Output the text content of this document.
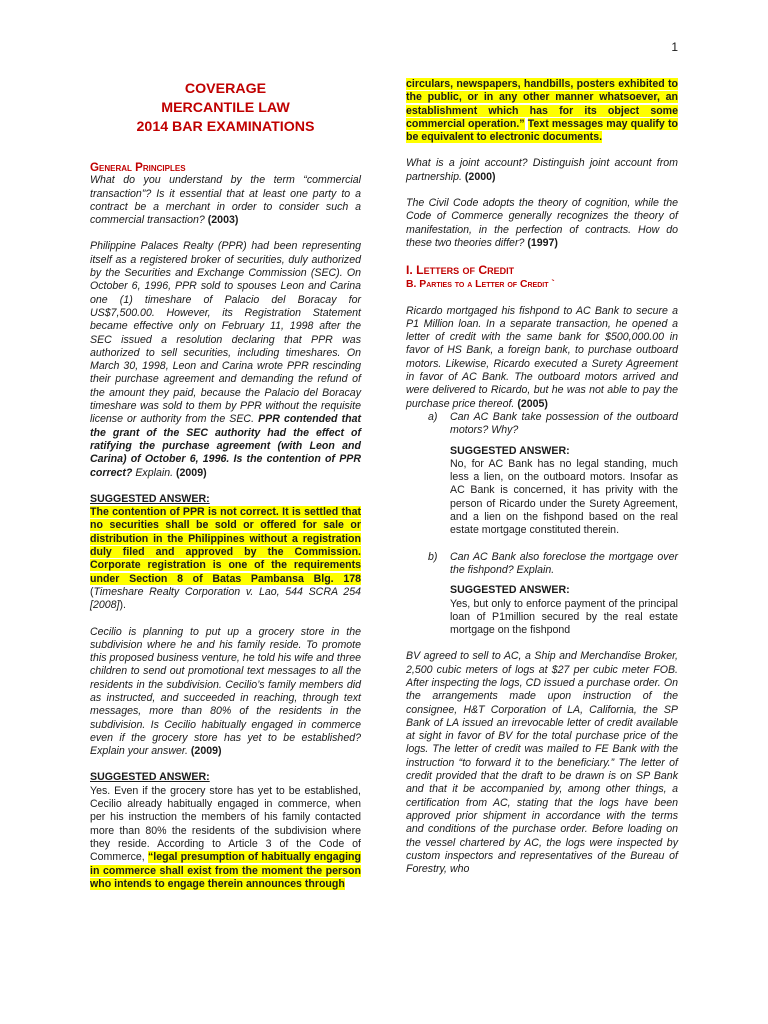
1
COVERAGE
MERCANTILE LAW
2014 BAR EXAMINATIONS

General Principles

What do you understand by the term “commercial transaction”? Is it essential that at least one party to a contract be a merchant in order to consider such a commercial transaction? (2003)

Philippine Palaces Realty (PPR) had been representing itself as a registered broker of securities, duly authorized by the Securities and Exchange Commission (SEC). On October 6, 1996, PPR sold to spouses Leon and Carina one (1) timeshare of Palacio del Boracay for US$7,500.00. However, its Registration Statement became effective only on February 11, 1998 after the SEC issued a resolution declaring that PPR was authorized to sell securities, including timeshares. On March 30, 1998, Leon and Carina wrote PPR rescinding their purchase agreement and demanding the refund of the amount they paid, because the Palacio del Boracay timeshare was sold to them by PPR without the requisite license or authority from the SEC. PPR contended that the grant of the SEC authority had the effect of ratifying the purchase agreement (with Leon and Carina) of October 6, 1996. Is the contention of PPR correct? Explain. (2009)

SUGGESTED ANSWER:

The contention of PPR is not correct. It is settled that no securities shall be sold or offered for sale or distribution in the Philippines without a registration duly filed and approved by the Commission. Corporate registration is one of the requirements under Section 8 of Batas Pambansa Blg. 178 (Timeshare Realty Corporation v. Lao, 544 SCRA 254 [2008]).

Cecilio is planning to put up a grocery store in the subdivision where he and his family reside. To promote this proposed business venture, he told his wife and three children to send out promotional text messages to all the residents in the subdivision. Cecilio’s family members did as instructed, and succeeded in reaching, through text messages, more than 80% of the residents in the subdivision. Is Cecilio habitually engaged in commerce even if the grocery store has yet to be established? Explain your answer. (2009)

SUGGESTED ANSWER:

Yes. Even if the grocery store has yet to be established, Cecilio already habitually engaged in commerce, when per his instruction the members of his family contacted more than 80% the residents of the subdivision where they reside. According to Article 3 of the Code of Commerce, “legal presumption of habitually engaging in commerce shall exist from the moment the person who intends to engage therein announces through

circulars, newspapers, handbills, posters exhibited to the public, or in any other manner whatsoever, an establishment which has for its object some commercial operation.” Text messages may qualify to be equivalent to electronic documents.

What is a joint account? Distinguish joint account from partnership. (2000)

The Civil Code adopts the theory of cognition, while the Code of Commerce generally recognizes the theory of manifestation, in the perfection of contracts. How do these two theories differ? (1997)

I. Letters of Credit

B. Parties to a Letter of Credit `

Ricardo mortgaged his fishpond to AC Bank to secure a P1 Million loan. In a separate transaction, he opened a letter of credit with the same bank for $500,000.00 in favor of HS Bank, a foreign bank, to purchase outboard motors. Likewise, Ricardo executed a Surety Agreement in favor of AC Bank. The outboard motors arrived and were delivered to Ricardo, but he was not able to pay the purchase price thereof. (2005)

a)	Can AC Bank take possession of the outboard motors? Why?

SUGGESTED ANSWER:

No, for AC Bank has no legal standing, much less a lien, on the outboard motors. Insofar as AC Bank is concerned, it has privity with the person of Ricardo under the Surety Agreement, and a lien on the fishpond based on the real estate mortgage constituted therein.

b)	Can AC Bank also foreclose the mortgage over the fishpond? Explain.

SUGGESTED ANSWER:

Yes, but only to enforce payment of the principal loan of P1million secured by the real estate mortgage on the fishpond

BV agreed to sell to AC, a Ship and Merchandise Broker, 2,500 cubic meters of logs at $27 per cubic meter FOB. After inspecting the logs, CD issued a purchase order. On the arrangements made upon instruction of the consignee, H&T Corporation of LA, California, the SP Bank of LA issued an irrevocable letter of credit available at sight in favor of BV for the total purchase price of the logs. The letter of credit was mailed to FE Bank with the instruction “to forward it to the beneficiary.” The letter of credit provided that the draft to be drawn is on SP Bank and that it be accompanied by, among other things, a certification from AC, stating that the logs have been approved prior shipment in accordance with the terms and conditions of the purchase order. Before loading on the vessel chartered by AC, the logs were inspected by custom inspectors and representatives of the Bureau of Forestry, who
